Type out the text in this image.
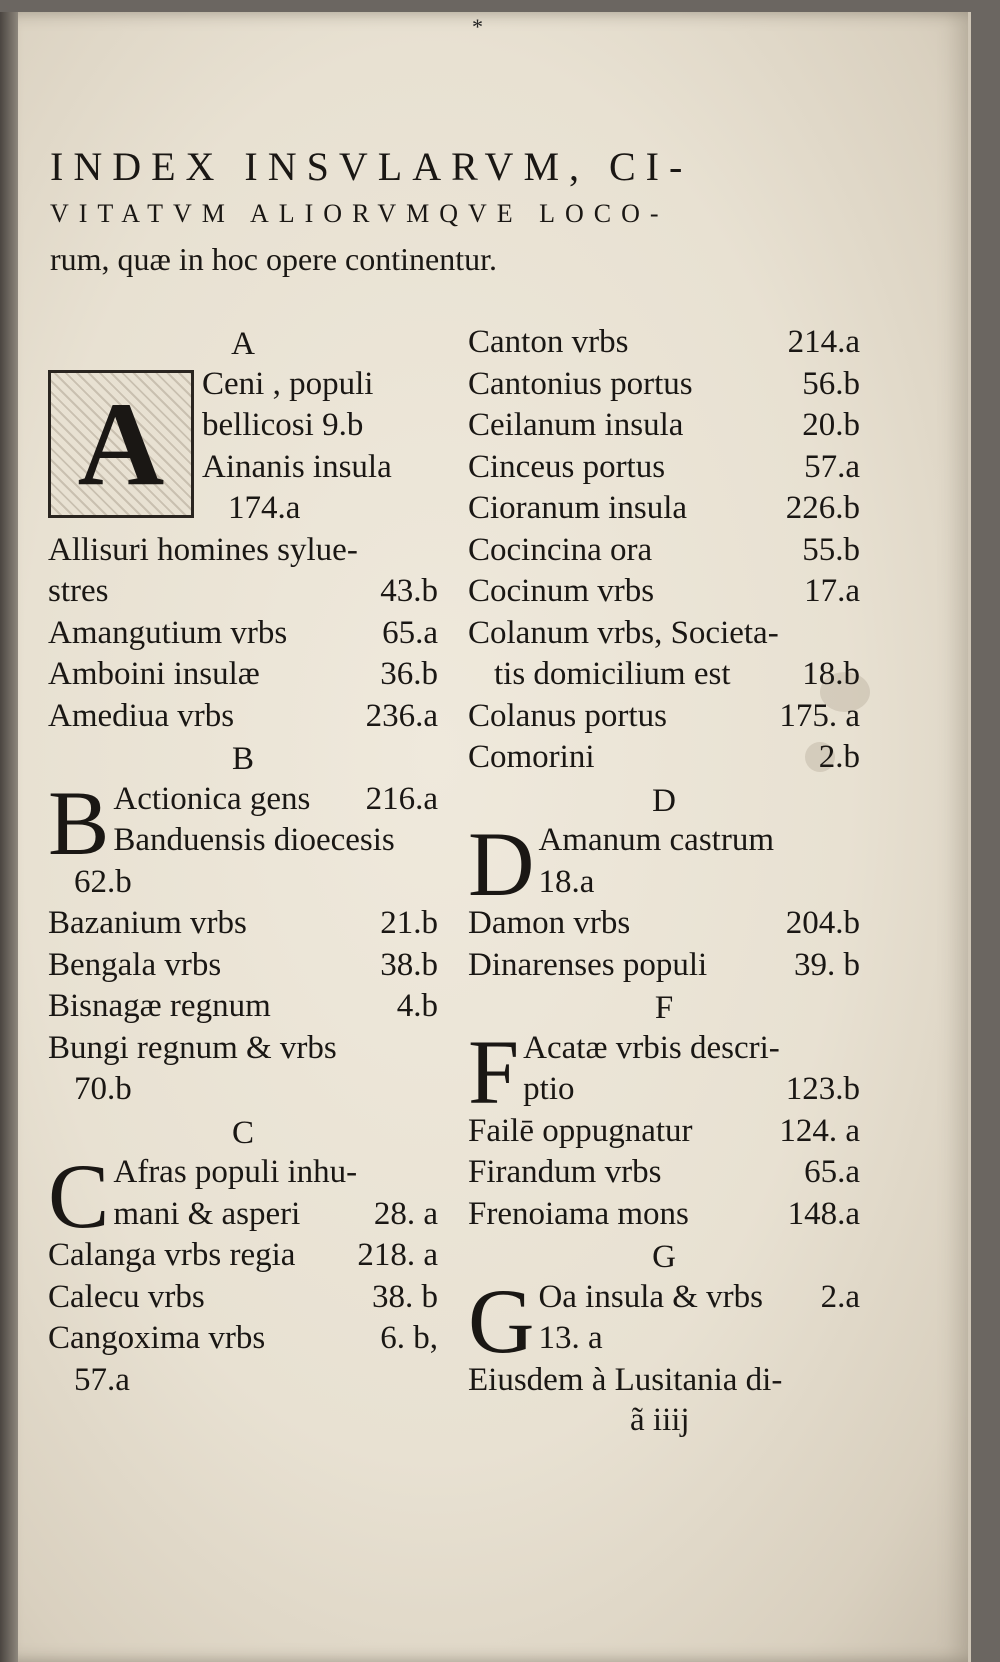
*
INDEX INSVLARVM, CI-
VITATVM ALIORVMQVE LOCO-
rum, quæ in hoc opere continentur.
A
A	Ceni , populi
bellicosi
9.b
Ainanis insula
174.a
Allisuri homines sylue-
stres	43.b
Amangutium vrbs	65.a
Amboini insulæ	36.b
Amediua vrbs	236.a
B
B Actionica gens	216.a
Banduensis dioecesis
62.b
Bazanium vrbs	21.b
Bengala vrbs	38.b
Bisnagæ regnum	4.b
Bungi regnum & vrbs
70.b
C
C Afras populi inhu-
mani & asperi	28. a
Calanga vrbs regia	218. a
Calecu vrbs	38. b
Cangoxima vrbs	6. b,
57.a
Canton vrbs	214.a
Cantonius portus	56.b
Ceilanum insula	20.b
Cinceus portus	57.a
Cioranum insula	226.b
Cocincina ora	55.b
Cocinum vrbs	17.a
Colanum vrbs, Societa-
tis domicilium est	18.b
Colanus portus	175. a
Comorini	2.b
D
D Amanum castrum
18.a
Damon vrbs	204.b
Dinarenses populi	39. b
F
F Acatæ vrbis descri-
ptio	123.b
Failē oppugnatur	124. a
Firandum vrbs	65.a
Frenoiama mons	148.a
G
G Oa insula & vrbs	2.a
13. a
Eiusdem à Lusitania di-
ã iiij
